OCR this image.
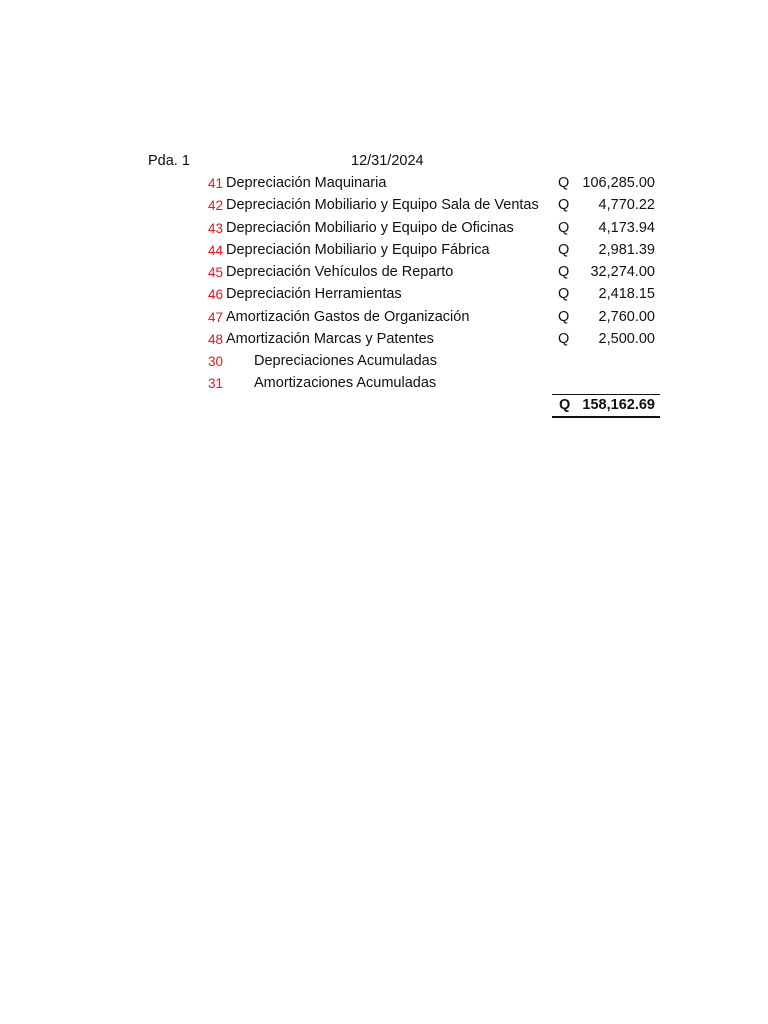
Pda. 1	12/31/2024
41 Depreciación Maquinaria	Q 106,285.00
42 Depreciación Mobiliario y Equipo Sala de Ventas Q 4,770.22
43 Depreciación Mobiliario y Equipo de Oficinas	Q 4,173.94
44 Depreciación Mobiliario y Equipo Fábrica	Q 2,981.39
45 Depreciación Vehículos de Reparto	Q 32,274.00
46 Depreciación Herramientas	Q 2,418.15
47 Amortización Gastos de Organización	Q 2,760.00
48 Amortización Marcas y Patentes	Q 2,500.00
30 Depreciaciones Acumuladas
31 Amortizaciones Acumuladas
Q 158,162.69
